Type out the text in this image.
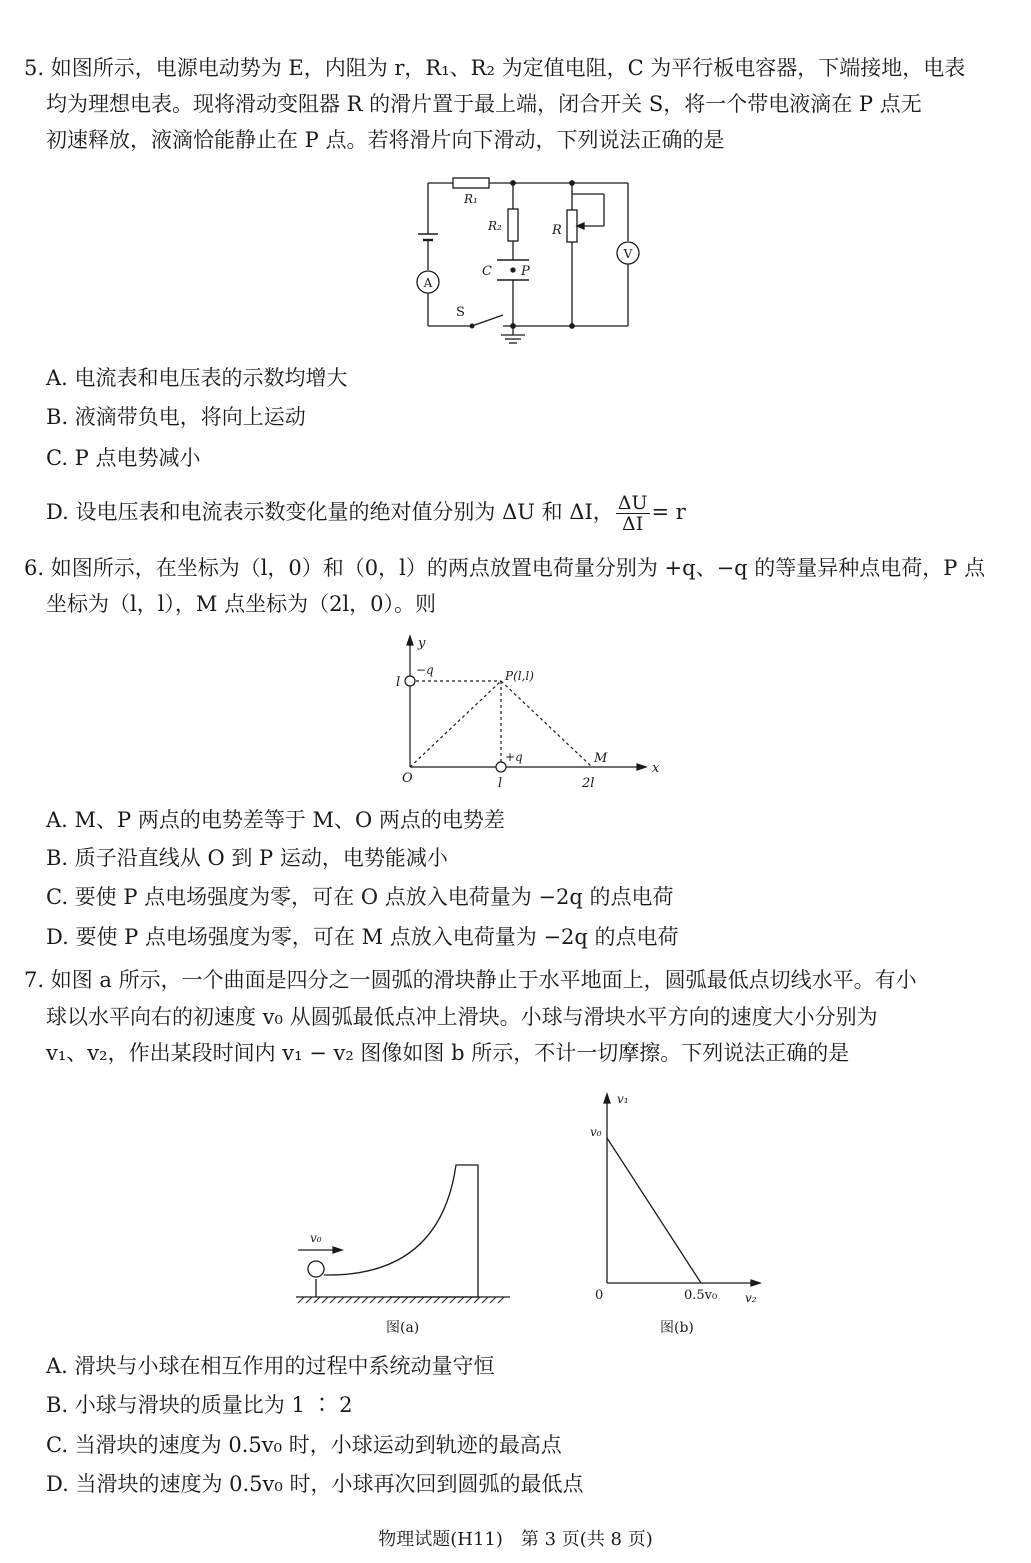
5. 如图所示，电源电动势为 E，内阻为 r，R₁、R₂ 为定值电阻，C 为平行板电容器，下端接地，电表
均为理想电表。现将滑动变阻器 R 的滑片置于最上端，闭合开关 S，将一个带电液滴在 P 点无
初速释放，液滴恰能静止在 P 点。若将滑片向下滑动，下列说法正确的是
R₁
R₂	R
C P
A
V
S
A. 电流表和电压表的示数均增大
B. 液滴带负电，将向上运动
C. P 点电势减小
D. 设电压表和电流表示数变化量的绝对值分别为 ΔU 和 ΔI， $\frac{\Delta U}{\Delta I} = r$
6. 如图所示，在坐标为（l，0）和（0，l）的两点放置电荷量分别为 +q、−q 的等量异种点电荷，P 点
坐标为（l，l），M 点坐标为（2l，0）。则
y
x
l
−q	P(l,l)
+q
O	l	2l
M
A. M、P 两点的电势差等于 M、O 两点的电势差
B. 质子沿直线从 O 到 P 运动，电势能减小
C. 要使 P 点电场强度为零，可在 O 点放入电荷量为 −2q 的点电荷
D. 要使 P 点电场强度为零，可在 M 点放入电荷量为 −2q 的点电荷
7. 如图 a 所示，一个曲面是四分之一圆弧的滑块静止于水平地面上，圆弧最低点切线水平。有小
球以水平向右的初速度 v₀ 从圆弧最低点冲上滑块。小球与滑块水平方向的速度大小分别为
v₁、v₂，作出某段时间内 v₁ − v₂ 图像如图 b 所示，不计一切摩擦。下列说法正确的是
v₀
图(a)
v₁
v₀
0	0.5v₀ v₂
图(b)
A. 滑块与小球在相互作用的过程中系统动量守恒
B. 小球与滑块的质量比为 1 ∶ 2
C. 当滑块的速度为 0.5v₀ 时，小球运动到轨迹的最高点
D. 当滑块的速度为 0.5v₀ 时，小球再次回到圆弧的最低点
物理试题(H11)　第 3 页(共 8 页)
